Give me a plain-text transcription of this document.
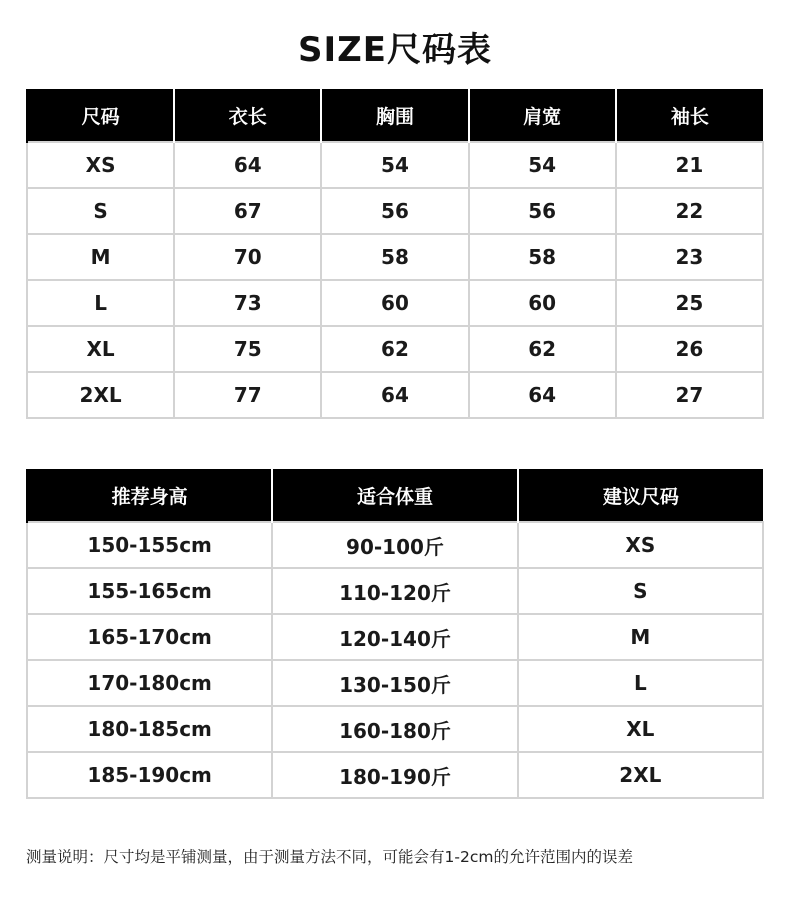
SIZE尺码表
尺码	衣长	胸围	肩宽	袖长
XS	64	54	54	21
S	67	56	56	22
M	70	58	58	23
L	73	60	60	25
XL	75	62	62	26
2XL	77	64	64	27
推荐身高	适合体重	建议尺码
150-155cm	90-100斤	XS
155-165cm	110-120斤	S
165-170cm	120-140斤	M
170-180cm	130-150斤	L
180-185cm	160-180斤	XL
185-190cm	180-190斤	2XL
测量说明：尺寸均是平铺测量，由于测量方法不同，可能会有1-2cm的允许范围内的误差
